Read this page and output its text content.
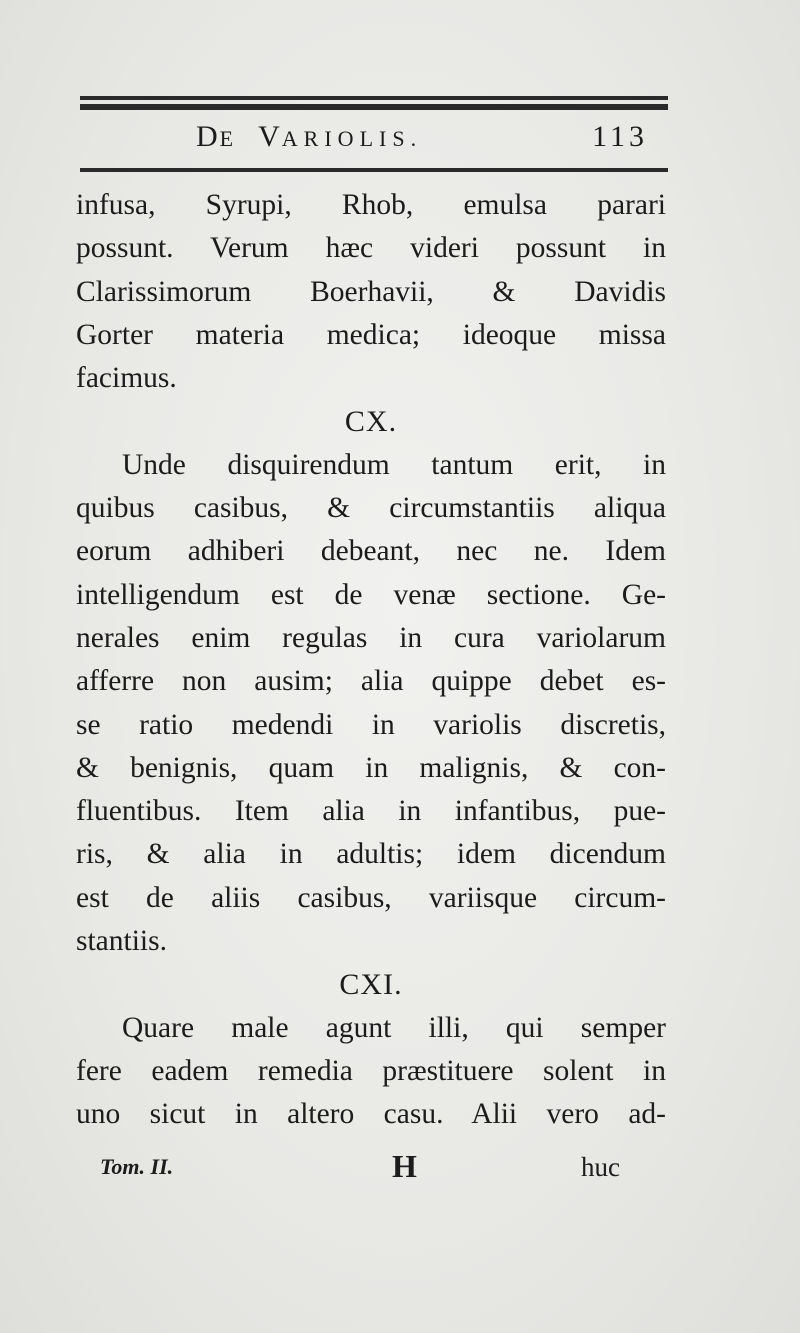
DE VARIOLIS.	113
infusa, Syrupi, Rhob, emulsa parari
possunt. Verum hæc videri possunt in
Clarissimorum Boerhavii, & Davidis
Gorter materia medica; ideoque missa
facimus.
CX.
Unde disquirendum tantum erit, in
quibus casibus, & circumstantiis aliqua
eorum adhiberi debeant, nec ne. Idem
intelligendum est de venæ sectione. Ge-
nerales enim regulas in cura variolarum
afferre non ausim; alia quippe debet es-
se ratio medendi in variolis discretis,
& benignis, quam in malignis, & con-
fluentibus. Item alia in infantibus, pue-
ris, & alia in adultis; idem dicendum
est de aliis casibus, variisque circum-
stantiis.
CXI.
Quare male agunt illi, qui semper
fere eadem remedia præstituere solent in
uno sicut in altero casu. Alii vero ad-
Tom. II.	H	huc
